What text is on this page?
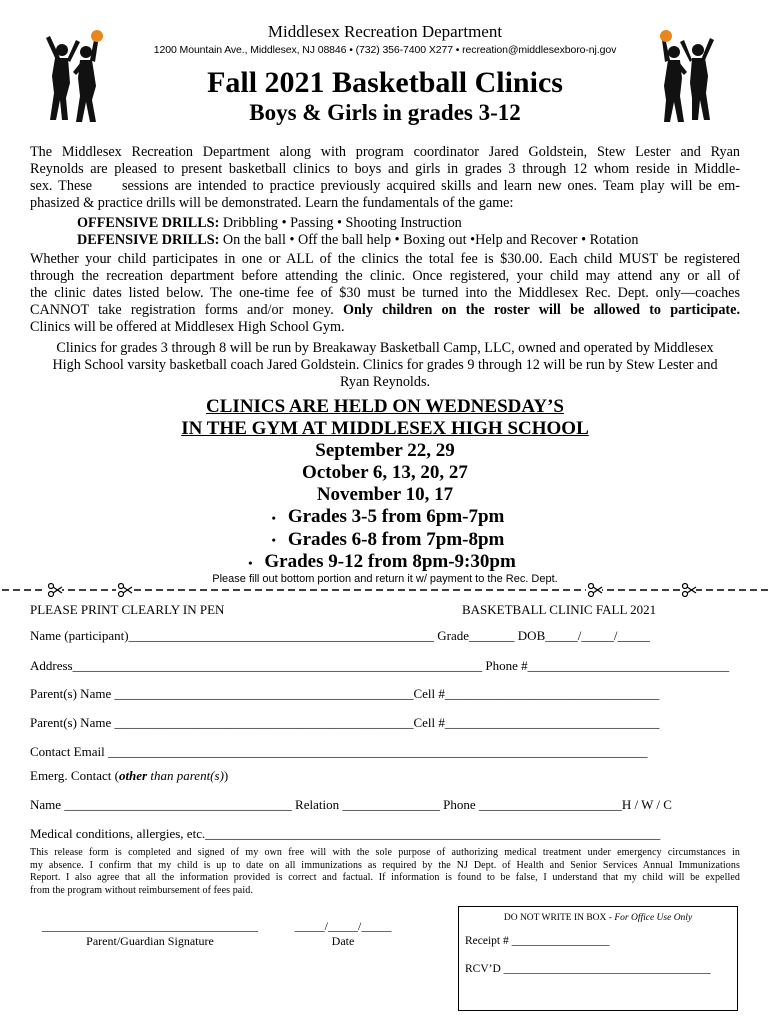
Middlesex Recreation Department
1200 Mountain Ave., Middlesex, NJ 08846 • (732) 356-7400 X277 • recreation@middlesexboro-nj.gov
Fall 2021 Basketball Clinics
Boys & Girls in grades 3-12
The Middlesex Recreation Department along with program coordinator Jared Goldstein, Stew Lester and Ryan
Reynolds are pleased to present basketball clinics to boys and girls in grades 3 through 12 whom reside in Middle-
sex. These     sessions are intended to practice previously acquired skills and learn new ones. Team play will be em-
phasized & practice drills will be demonstrated. Learn the fundamentals of the game:
OFFENSIVE DRILLS: Dribbling • Passing • Shooting Instruction
DEFENSIVE DRILLS: On the ball • Off the ball help • Boxing out •Help and Recover • Rotation
Whether your child participates in one or ALL of the clinics the total fee is $30.00. Each child MUST be registered
through the recreation department before attending the clinic. Once registered, your child may attend any or all of
the clinic dates listed below. The one-time fee of $30 must be turned into the Middlesex Rec. Dept. only—coaches
CANNOT take registration forms and/or money. Only children on the roster will be allowed to participate.
Clinics will be offered at Middlesex High School Gym.
Clinics for grades 3 through 8 will be run by Breakaway Basketball Camp, LLC, owned and operated by Middlesex
High School varsity basketball coach Jared Goldstein. Clinics for grades 9 through 12 will be run by Stew Lester and
Ryan Reynolds.
CLINICS ARE HELD ON WEDNESDAY’S
IN THE GYM AT MIDDLESEX HIGH SCHOOL
September 22, 29
October 6, 13, 20, 27
November 10, 17
• Grades 3-5 from 6pm-7pm
• Grades 6-8 from 7pm-8pm
• Grades 9-12 from 8pm-9:30pm
Please fill out bottom portion and return it w/ payment to the Rec. Dept.
PLEASE PRINT CLEARLY IN PEN	BASKETBALL CLINIC FALL 2021
Name (participant)_______________________________________________ Grade_______ DOB_____/_____/_____
Address_______________________________________________________________ Phone #_______________________________
Parent(s) Name ______________________________________________Cell #_________________________________
Parent(s) Name ______________________________________________Cell #_________________________________
Contact Email ___________________________________________________________________________________
Emerg. Contact (other than parent(s))
Name ___________________________________ Relation _______________ Phone ______________________H / W / C
Medical conditions, allergies, etc.______________________________________________________________________
This release form is completed and signed of my own free will with the sole purpose of authorizing medical treatment under emergency circumstances in
my absence. I confirm that my child is up to date on all immunizations as required by the NJ Dept. of Health and Senior Services Annual Immunizations
Report. I also agree that all the information provided is correct and factual. If information is found to be false, I understand that my child will be expelled
from the program without reimbursement of fees paid.
____________________________________
Parent/Guardian Signature
_____/_____/_____
Date
DO NOT WRITE IN BOX - For Office Use Only
Receipt # _________________
RCV’D ____________________________________
